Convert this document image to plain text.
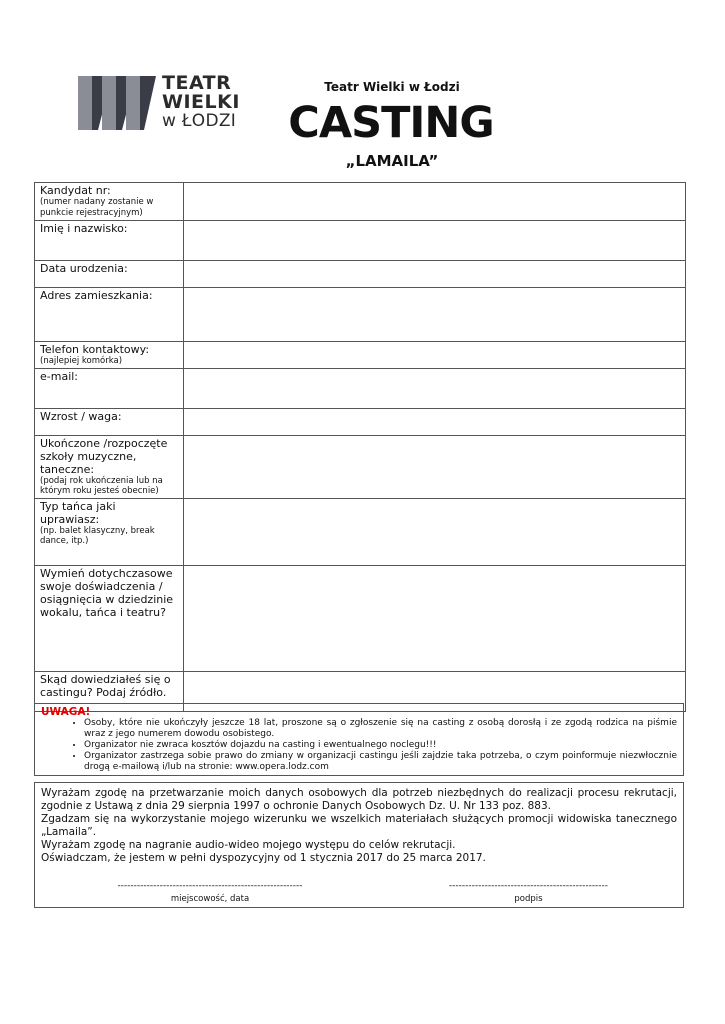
TEATR
WIELKI
w ŁODZI
Teatr Wielki w Łodzi
CASTING
„LAMAILA”
Kandydat nr:
(numer nadany zostanie w punkcie rejestracyjnym)	

Imię i nazwisko:	
Data urodzenia:	
Adres zamieszkania:	
Telefon kontaktowy:
(najlepiej komórka)	

e-mail:	
Wzrost / waga:	
Ukończone /rozpoczęte szkoły muzyczne, taneczne:
(podaj rok ukończenia lub na którym roku jesteś obecnie)	

Typ tańca jaki uprawiasz:
(np. balet klasyczny, break dance, itp.)	

Wymień dotychczasowe swoje doświadczenia / osiągnięcia w dziedzinie wokalu, tańca i teatru?	
Skąd dowiedziałeś się o castingu? Podaj źródło.	
UWAGA!
• Osoby, które nie ukończyły jeszcze 18 lat, proszone są o zgłoszenie się na casting z osobą dorosłą i ze zgodą rodzica na piśmie wraz z jego numerem dowodu osobistego.
• Organizator nie zwraca kosztów dojazdu na casting i ewentualnego noclegu!!!
• Organizator zastrzega sobie prawo do zmiany w organizacji castingu jeśli zajdzie taka potrzeba, o czym poinformuje niezwłocznie drogą e-mailową i/lub na stronie: www.opera.lodz.com

Wyrażam zgodę na przetwarzanie moich danych osobowych dla potrzeb niezbędnych do realizacji procesu rekrutacji, zgodnie z Ustawą z dnia 29 sierpnia 1997 o ochronie Danych Osobowych Dz. U. Nr 133 poz. 883.

Zgadzam się na wykorzystanie mojego wizerunku we wszelkich materiałach służących promocji widowiska tanecznego „Lamaila”.

Wyrażam zgodę na nagranie audio-wideo mojego występu do celów rekrutacji.

Oświadczam, że jestem w pełni dyspozycyjny od 1 stycznia 2017 do 25 marca 2017.

---------------------------------------------------------
miejscowość, data
-------------------------------------------------
podpis
